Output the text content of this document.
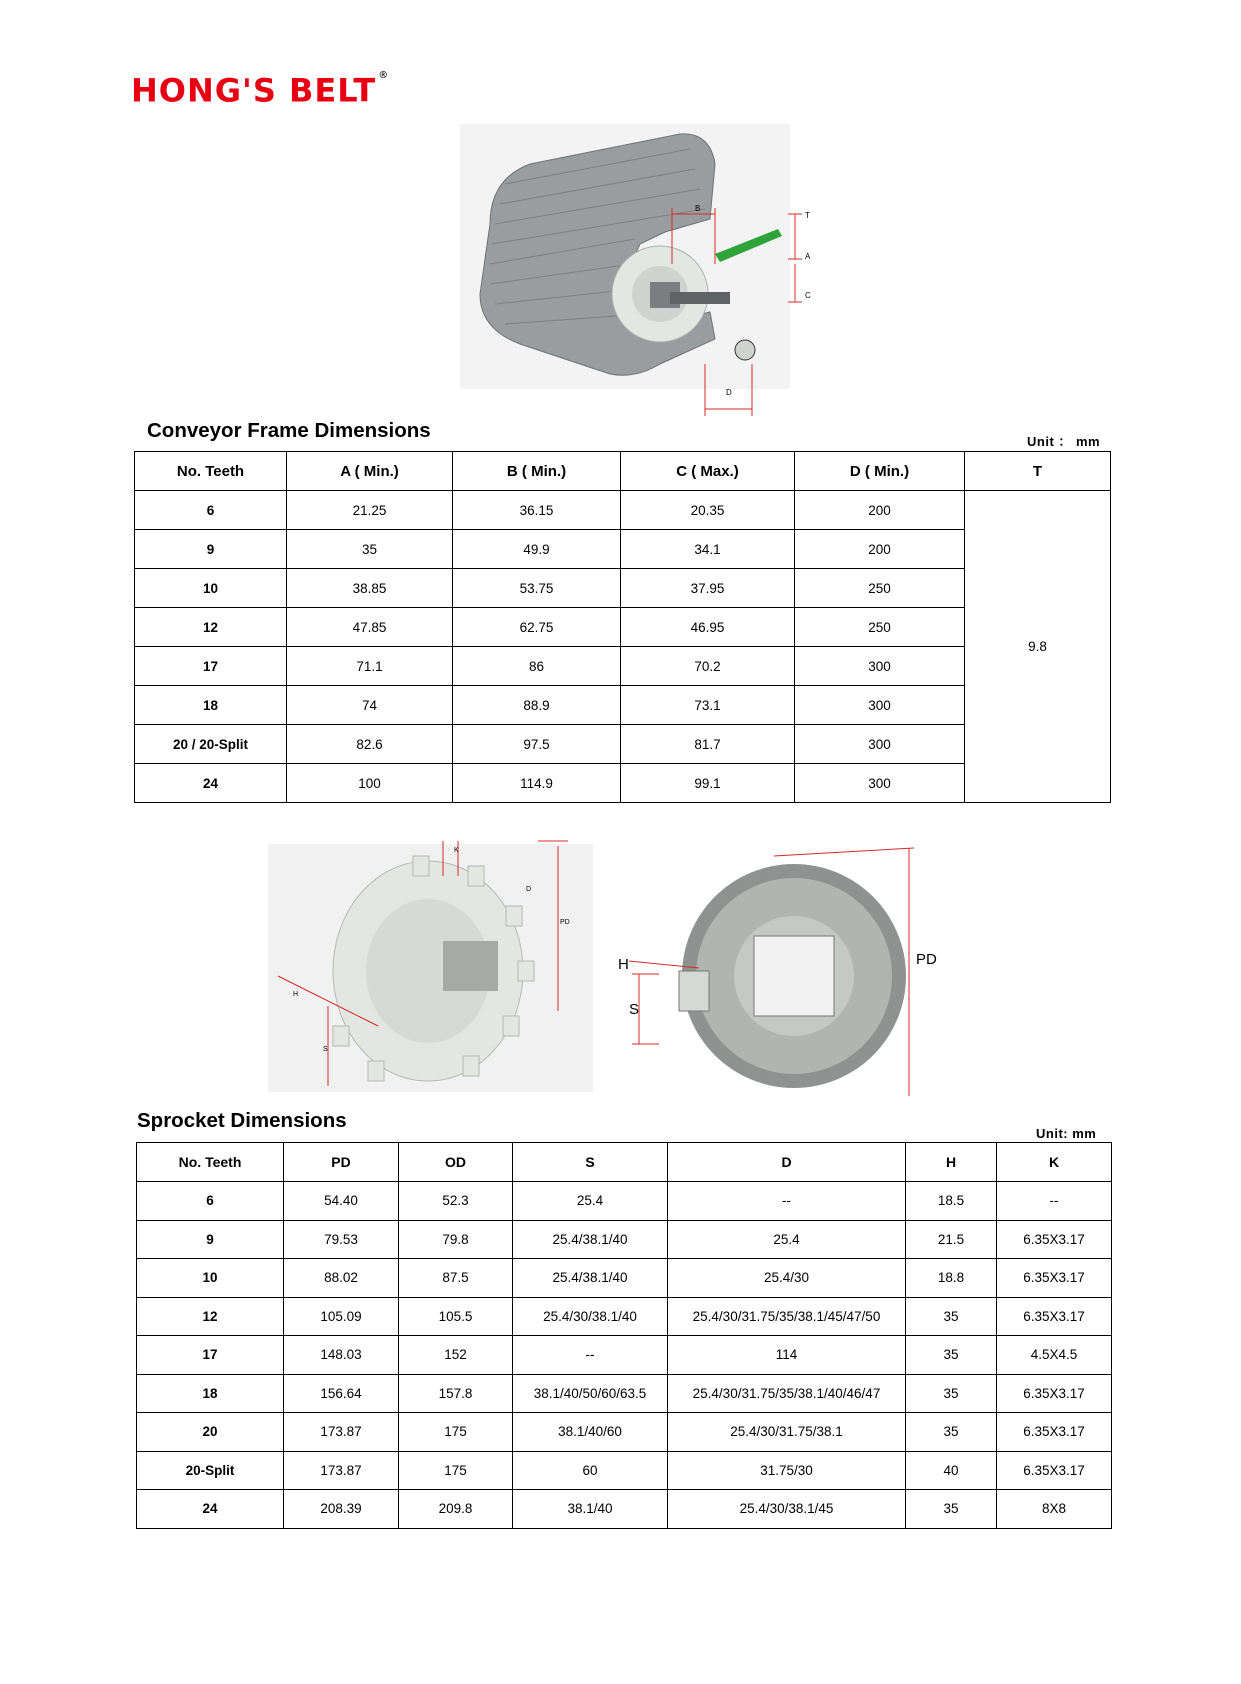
HONG'S BELT ®
B
T
A
C
D
Conveyor Frame Dimensions	Unit ： mm
No. Teeth	A ( Min.)	B ( Min.)	C ( Max.)	D ( Min.)	T
6	21.25	36.15	20.35	200	9.8
9	35	49.9	34.1	200	
10	38.85	53.75	37.95	250	
12	47.85	62.75	46.95	250	
17	71.1	86	70.2	300	
18	74	88.9	73.1	300	
20 / 20-Split	82.6	97.5	81.7	300	
24	100	114.9	99.1	300	
K
D
PD
H
S
H
S
PD
Sprocket Dimensions
Unit: mm
No. Teeth	PD	OD	S	D	H	K
6	54.40	52.3	25.4	--	18.5	--
9	79.53	79.8	25.4/38.1/40	25.4	21.5	6.35X3.17
10	88.02	87.5	25.4/38.1/40	25.4/30	18.8	6.35X3.17
12	105.09	105.5	25.4/30/38.1/40	25.4/30/31.75/35/38.1/45/47/50	35	6.35X3.17
17	148.03	152	--	114	35	4.5X4.5
18	156.64	157.8	38.1/40/50/60/63.5	25.4/30/31.75/35/38.1/40/46/47	35	6.35X3.17
20	173.87	175	38.1/40/60	25.4/30/31.75/38.1	35	6.35X3.17
20-Split	173.87	175	60	31.75/30	40	6.35X3.17
24	208.39	209.8	38.1/40	25.4/30/38.1/45	35	8X8
